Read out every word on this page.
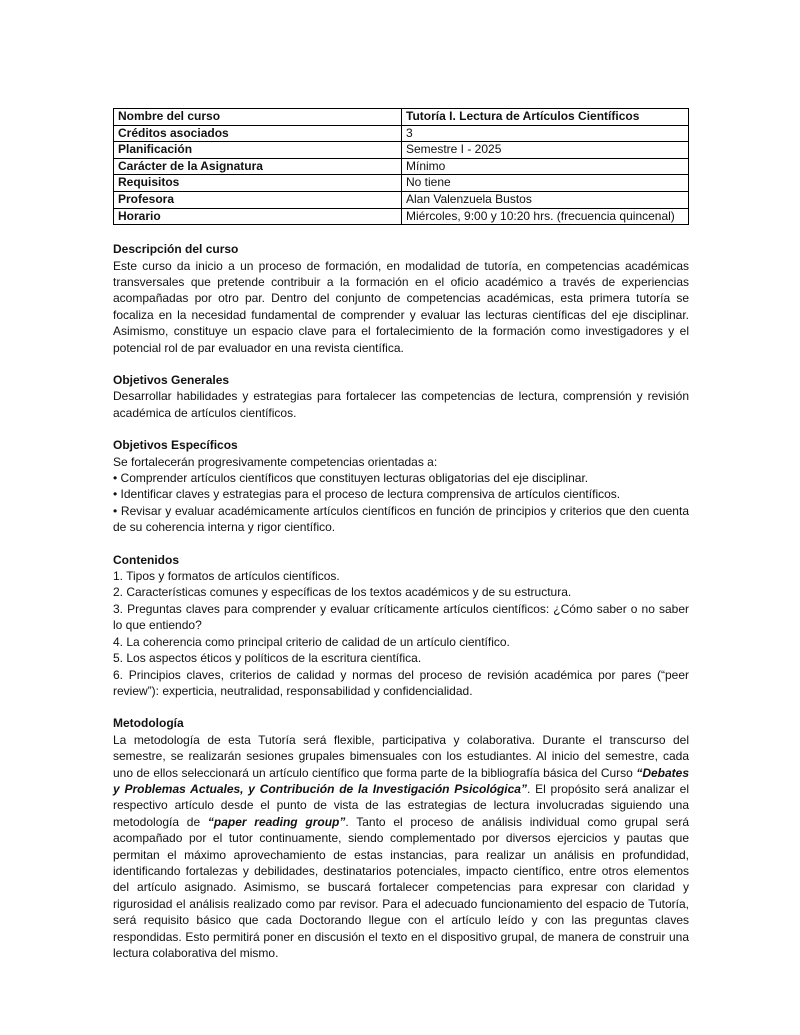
Nombre del curso	Tutoría I. Lectura de Artículos Científicos
Créditos asociados	3
Planificación	Semestre I - 2025
Carácter de la Asignatura	Mínimo
Requisitos	No tiene
Profesora	Alan Valenzuela Bustos
Horario	Miércoles, 9:00 y 10:20 hrs. (frecuencia quincenal)
Descripción del curso

Este curso da inicio a un proceso de formación, en modalidad de tutoría, en competencias académicas transversales que pretende contribuir a la formación en el oficio académico a través de experiencias acompañadas por otro par. Dentro del conjunto de competencias académicas, esta primera tutoría se focaliza en la necesidad fundamental de comprender y evaluar las lecturas científicas del eje disciplinar. Asimismo, constituye un espacio clave para el fortalecimiento de la formación como investigadores y el potencial rol de par evaluador en una revista científica.

Objetivos Generales

Desarrollar habilidades y estrategias para fortalecer las competencias de lectura, comprensión y revisión académica de artículos científicos.

Objetivos Específicos

Se fortalecerán progresivamente competencias orientadas a:

• Comprender artículos científicos que constituyen lecturas obligatorias del eje disciplinar.

• Identificar claves y estrategias para el proceso de lectura comprensiva de artículos científicos.

• Revisar y evaluar académicamente artículos científicos en función de principios y criterios que den cuenta de su coherencia interna y rigor científico.

Contenidos

1. Tipos y formatos de artículos científicos.

2. Características comunes y específicas de los textos académicos y de su estructura.

3. Preguntas claves para comprender y evaluar críticamente artículos científicos: ¿Cómo saber o no saber lo que entiendo?

4. La coherencia como principal criterio de calidad de un artículo científico.

5. Los aspectos éticos y políticos de la escritura científica.

6. Principios claves, criterios de calidad y normas del proceso de revisión académica por pares (“peer review”): experticia, neutralidad, responsabilidad y confidencialidad.

Metodología

La metodología de esta Tutoría será flexible, participativa y colaborativa. Durante el transcurso del semestre, se realizarán sesiones grupales bimensuales con los estudiantes. Al inicio del semestre, cada uno de ellos seleccionará un artículo científico que forma parte de la bibliografía básica del Curso “Debates y Problemas Actuales, y Contribución de la Investigación Psicológica”. El propósito será analizar el respectivo artículo desde el punto de vista de las estrategias de lectura involucradas siguiendo una metodología de “paper reading group”. Tanto el proceso de análisis individual como grupal será acompañado por el tutor continuamente, siendo complementado por diversos ejercicios y pautas que permitan el máximo aprovechamiento de estas instancias, para realizar un análisis en profundidad, identificando fortalezas y debilidades, destinatarios potenciales, impacto científico, entre otros elementos del artículo asignado. Asimismo, se buscará fortalecer competencias para expresar con claridad y rigurosidad el análisis realizado como par revisor. Para el adecuado funcionamiento del espacio de Tutoría, será requisito básico que cada Doctorando llegue con el artículo leído y con las preguntas claves respondidas. Esto permitirá poner en discusión el texto en el dispositivo grupal, de manera de construir una lectura colaborativa del mismo.
